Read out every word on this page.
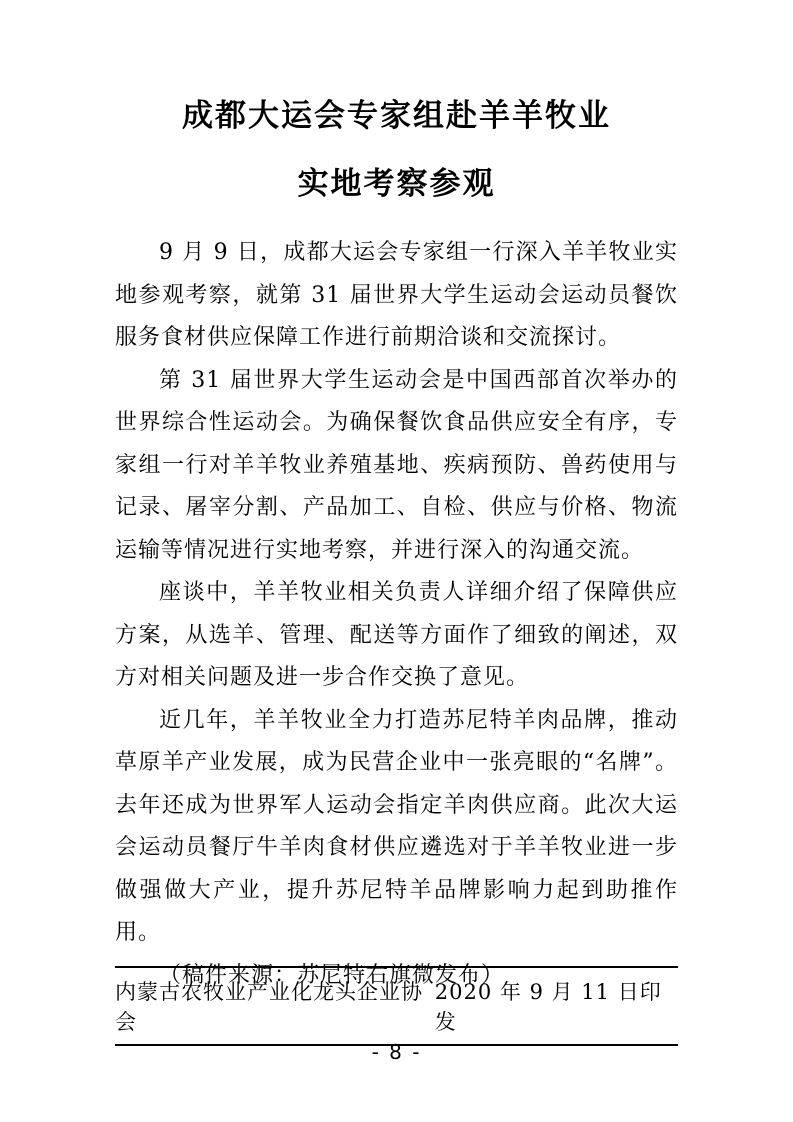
成都大运会专家组赴羊羊牧业
实地考察参观

9 月 9 日，成都大运会专家组一行深入羊羊牧业实地参观考察，就第 31 届世界大学生运动会运动员餐饮服务食材供应保障工作进行前期洽谈和交流探讨。

第 31 届世界大学生运动会是中国西部首次举办的世界综合性运动会。为确保餐饮食品供应安全有序，专家组一行对羊羊牧业养殖基地、疾病预防、兽药使用与记录、屠宰分割、产品加工、自检、供应与价格、物流运输等情况进行实地考察，并进行深入的沟通交流。

座谈中，羊羊牧业相关负责人详细介绍了保障供应方案，从选羊、管理、配送等方面作了细致的阐述，双方对相关问题及进一步合作交换了意见。

近几年，羊羊牧业全力打造苏尼特羊肉品牌，推动草原羊产业发展，成为民营企业中一张亮眼的“名牌”。去年还成为世界军人运动会指定羊肉供应商。此次大运会运动员餐厅牛羊肉食材供应遴选对于羊羊牧业进一步做强做大产业，提升苏尼特羊品牌影响力起到助推作用。

（稿件来源：苏尼特右旗微发布）

内蒙古农牧业产业化龙头企业协会
2020 年 9 月 11 日印发
- 8 -
